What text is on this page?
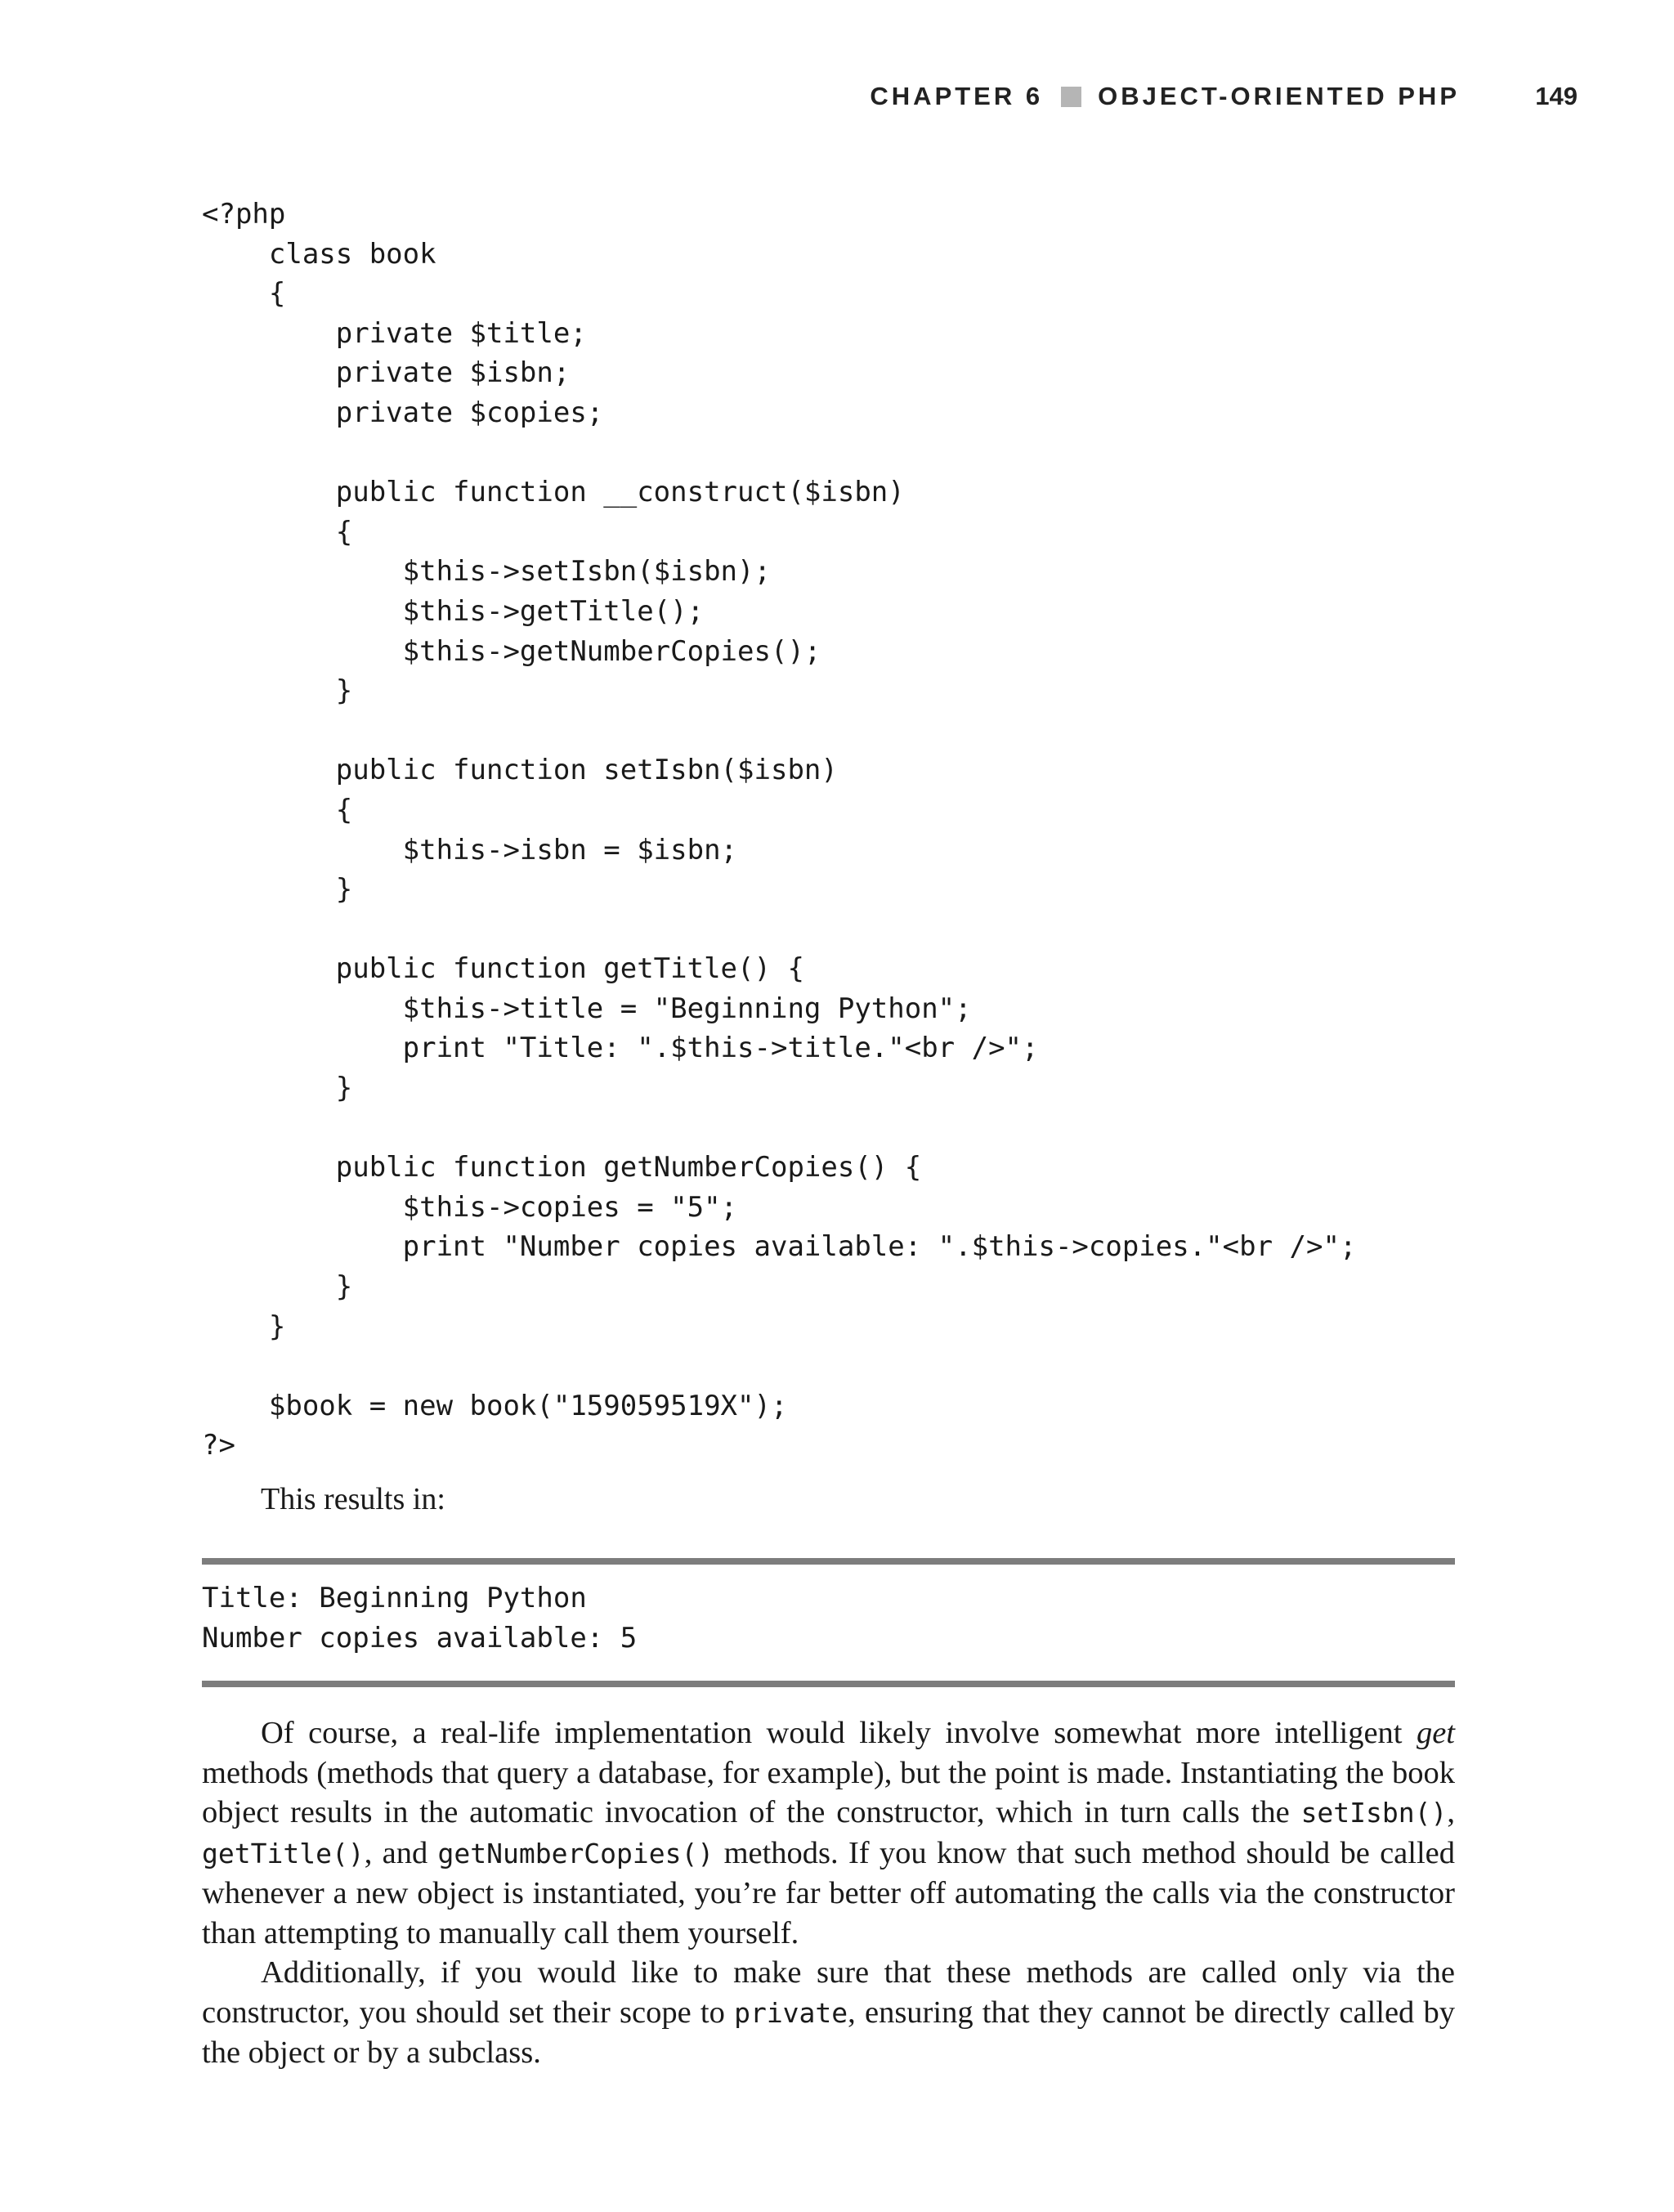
CHAPTER 6 OBJECT-ORIENTED PHP	149
<?php
class book
{
private $title;
private $isbn;
private $copies;
public function __construct($isbn)
{
$this->setIsbn($isbn);
$this->getTitle();
$this->getNumberCopies();
}
public function setIsbn($isbn)
{
$this->isbn = $isbn;
}
public function getTitle() {
$this->title = "Beginning Python";
print "Title: ".$this->title."<br />";
}
public function getNumberCopies() {
$this->copies = "5";
print "Number copies available: ".$this->copies."<br />";
}
}
$book = new book("159059519X");
?>
This results in:
Title: Beginning Python
Number copies available: 5

Of course, a real-life implementation would likely involve somewhat more intelligent get methods (methods that query a database, for example), but the point is made. Instantiating the book object results in the automatic invocation of the constructor, which in turn calls the setIsbn(), getTitle(), and getNumberCopies() methods. If you know that such method should be called whenever a new object is instantiated, you’re far better off automating the calls via the constructor than attempting to manually call them yourself.

Additionally, if you would like to make sure that these methods are called only via the constructor, you should set their scope to private, ensuring that they cannot be directly called by the object or by a subclass.
